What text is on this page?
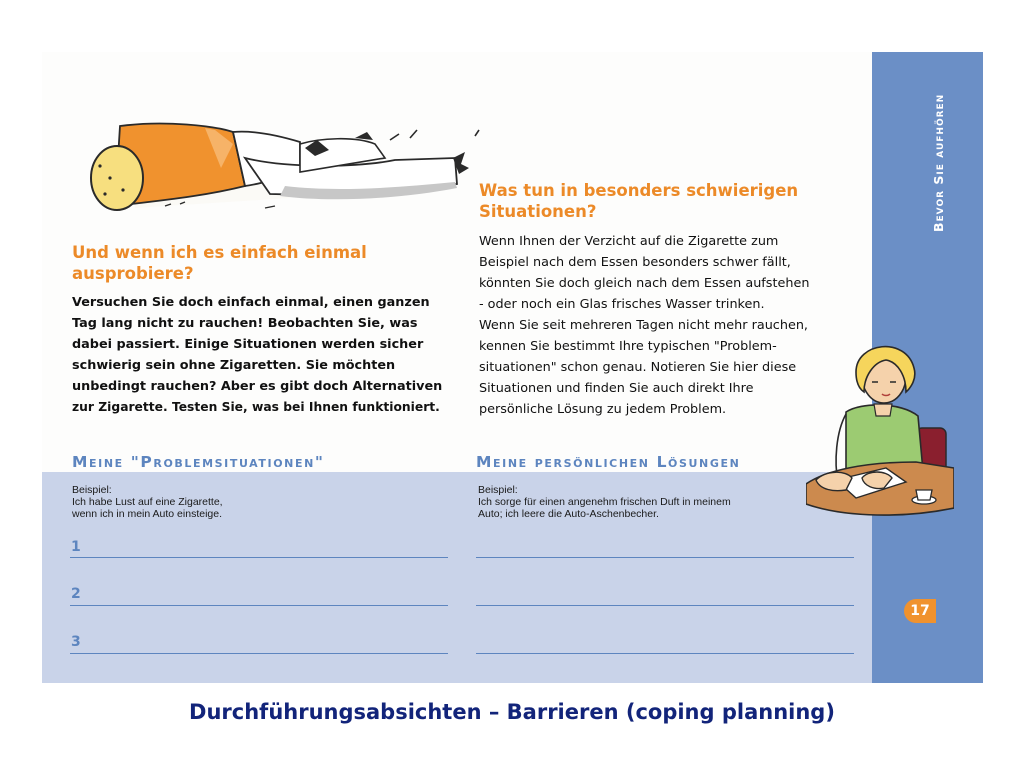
Bevor Sie aufhören
17
Und wenn ich es einfach einmal ausprobiere?
Versuchen Sie doch einfach einmal, einen ganzen
Tag lang nicht zu rauchen! Beobachten Sie, was
dabei passiert. Einige Situationen werden sicher
schwierig sein ohne Zigaretten. Sie möchten
unbedingt rauchen? Aber es gibt doch Alternativen
zur Zigarette. Testen Sie, was bei Ihnen funktioniert.
Was tun in besonders schwierigen Situationen?
Wenn Ihnen der Verzicht auf die Zigarette zum
Beispiel nach dem Essen besonders schwer fällt,
könnten Sie doch gleich nach dem Essen aufstehen
- oder noch ein Glas frisches Wasser trinken.
Wenn Sie seit mehreren Tagen nicht mehr rauchen,
kennen Sie bestimmt Ihre typischen "Problem-
situationen" schon genau. Notieren Sie hier diese
Situationen und finden Sie auch direkt Ihre
persönliche Lösung zu jedem Problem.
Meine "Problemsituationen"	Meine persönlichen Lösungen
Beispiel:
Ich habe Lust auf eine Zigarette,
wenn ich in mein Auto einsteige.
Beispiel:
Ich sorge für einen angenehm frischen Duft in meinem
Auto; ich leere die Auto-Aschenbecher.
1
2
3
Durchführungsabsichten – Barrieren (coping planning)
